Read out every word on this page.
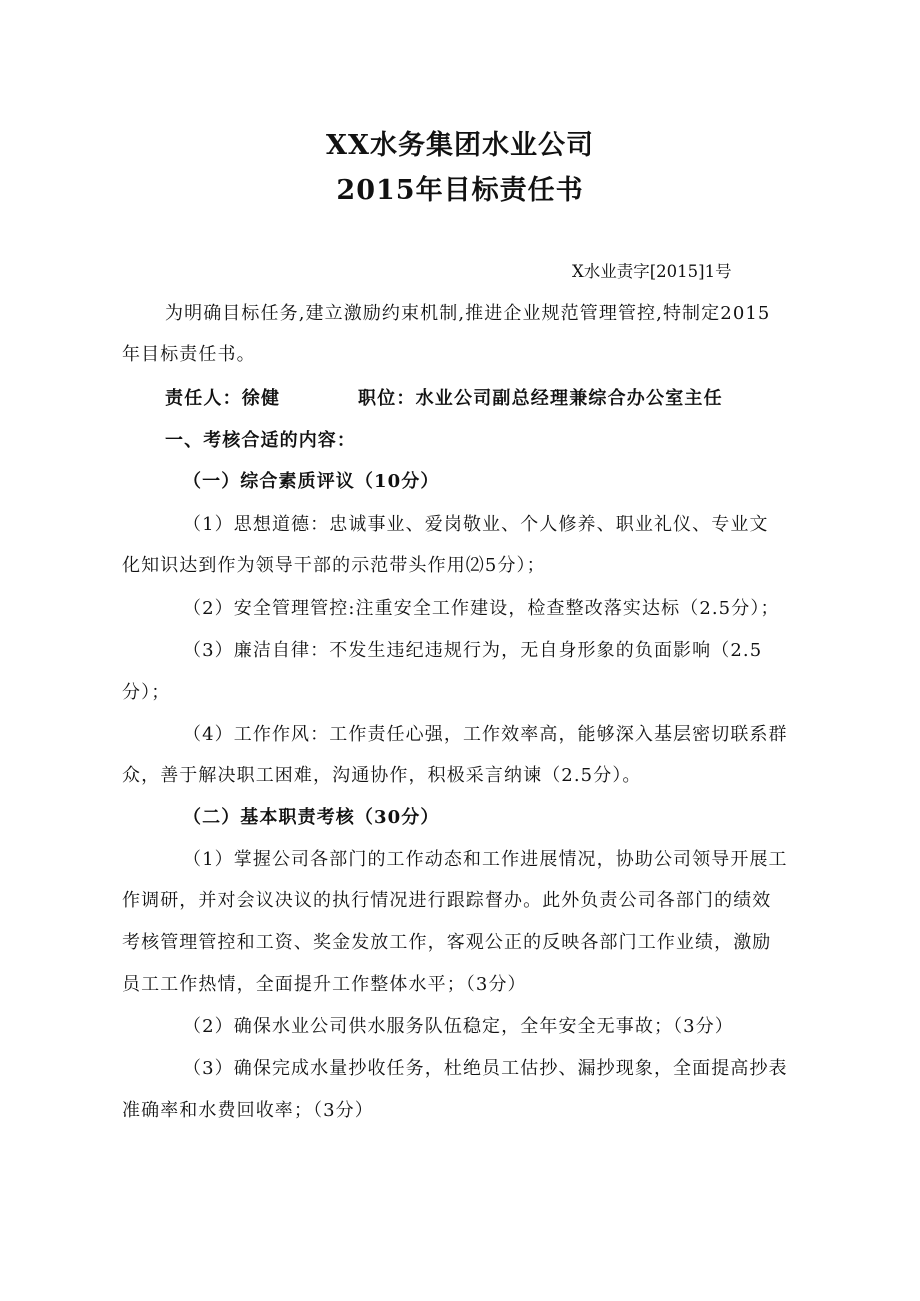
XX水务集团水业公司
2015年目标责任书
X水业责字[2015]1号
为明确目标任务,建立激励约束机制,推进企业规范管理管控,特制定2015
年目标责任书。
责任人：徐健	职位：水业公司副总经理兼综合办公室主任
一、考核合适的内容：
（一）综合素质评议（10分）
（1）思想道德：忠诚事业、爱岗敬业、个人修养、职业礼仪、专业文
化知识达到作为领导干部的示范带头作用⑵5分）；
（2）安全管理管控:注重安全工作建设，检查整改落实达标（2.5分）；
（3）廉洁自律：不发生违纪违规行为，无自身形象的负面影响（2.5
分）；
（4）工作作风：工作责任心强，工作效率高，能够深入基层密切联系群
众，善于解决职工困难，沟通协作，积极采言纳谏（2.5分）。
（二）基本职责考核（30分）
（1）掌握公司各部门的工作动态和工作进展情况，协助公司领导开展工
作调研，并对会议决议的执行情况进行跟踪督办。此外负责公司各部门的绩效
考核管理管控和工资、奖金发放工作，客观公正的反映各部门工作业绩，激励
员工工作热情，全面提升工作整体水平；（3分）
（2）确保水业公司供水服务队伍稳定，全年安全无事故；（3分）
（3）确保完成水量抄收任务，杜绝员工估抄、漏抄现象，全面提高抄表
准确率和水费回收率；（3分）
